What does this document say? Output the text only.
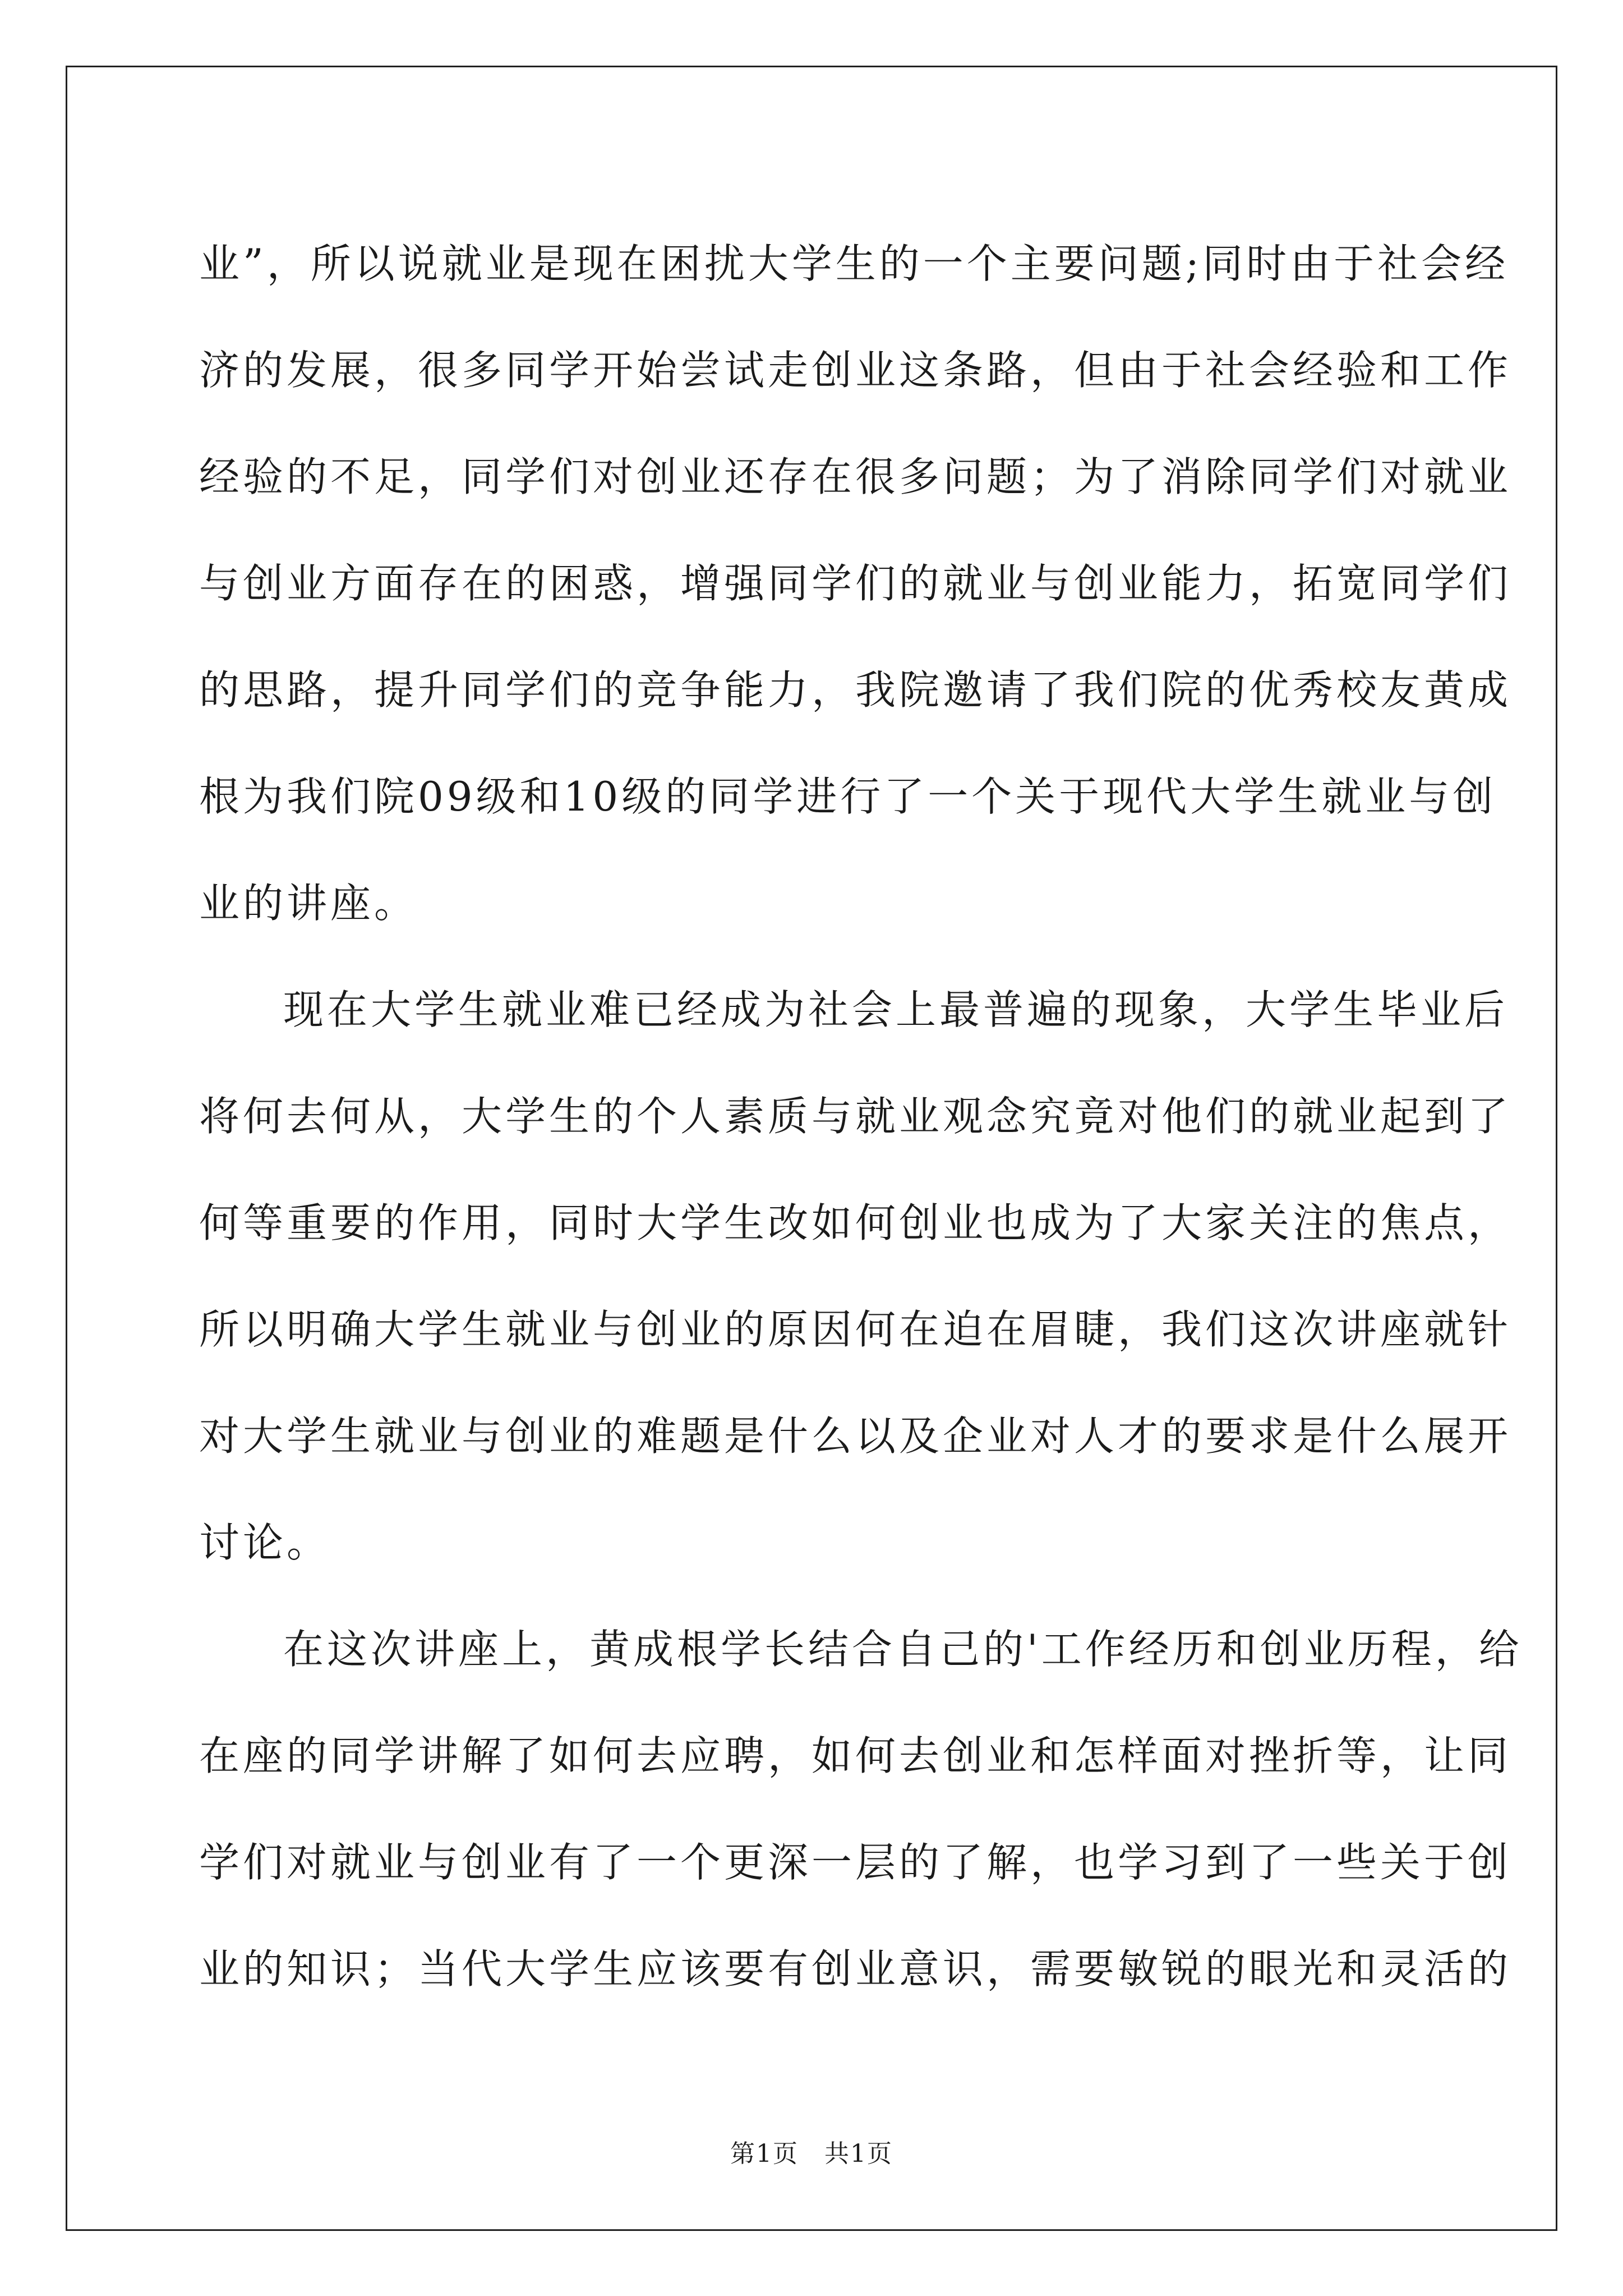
业”，所以说就业是现在困扰大学生的一个主要问题;同时由于社会经
济的发展，很多同学开始尝试走创业这条路，但由于社会经验和工作
经验的不足，同学们对创业还存在很多问题；为了消除同学们对就业
与创业方面存在的困惑，增强同学们的就业与创业能力，拓宽同学们
的思路，提升同学们的竞争能力，我院邀请了我们院的优秀校友黄成
根为我们院09级和10级的同学进行了一个关于现代大学生就业与创
业的讲座。
现在大学生就业难已经成为社会上最普遍的现象，大学生毕业后
将何去何从，大学生的个人素质与就业观念究竟对他们的就业起到了
何等重要的作用，同时大学生改如何创业也成为了大家关注的焦点，
所以明确大学生就业与创业的原因何在迫在眉睫，我们这次讲座就针
对大学生就业与创业的难题是什么以及企业对人才的要求是什么展开
讨论。
在这次讲座上，黄成根学长结合自己的'工作经历和创业历程，给
在座的同学讲解了如何去应聘，如何去创业和怎样面对挫折等，让同
学们对就业与创业有了一个更深一层的了解，也学习到了一些关于创
业的知识；当代大学生应该要有创业意识，需要敏锐的眼光和灵活的
第1页　共1页
